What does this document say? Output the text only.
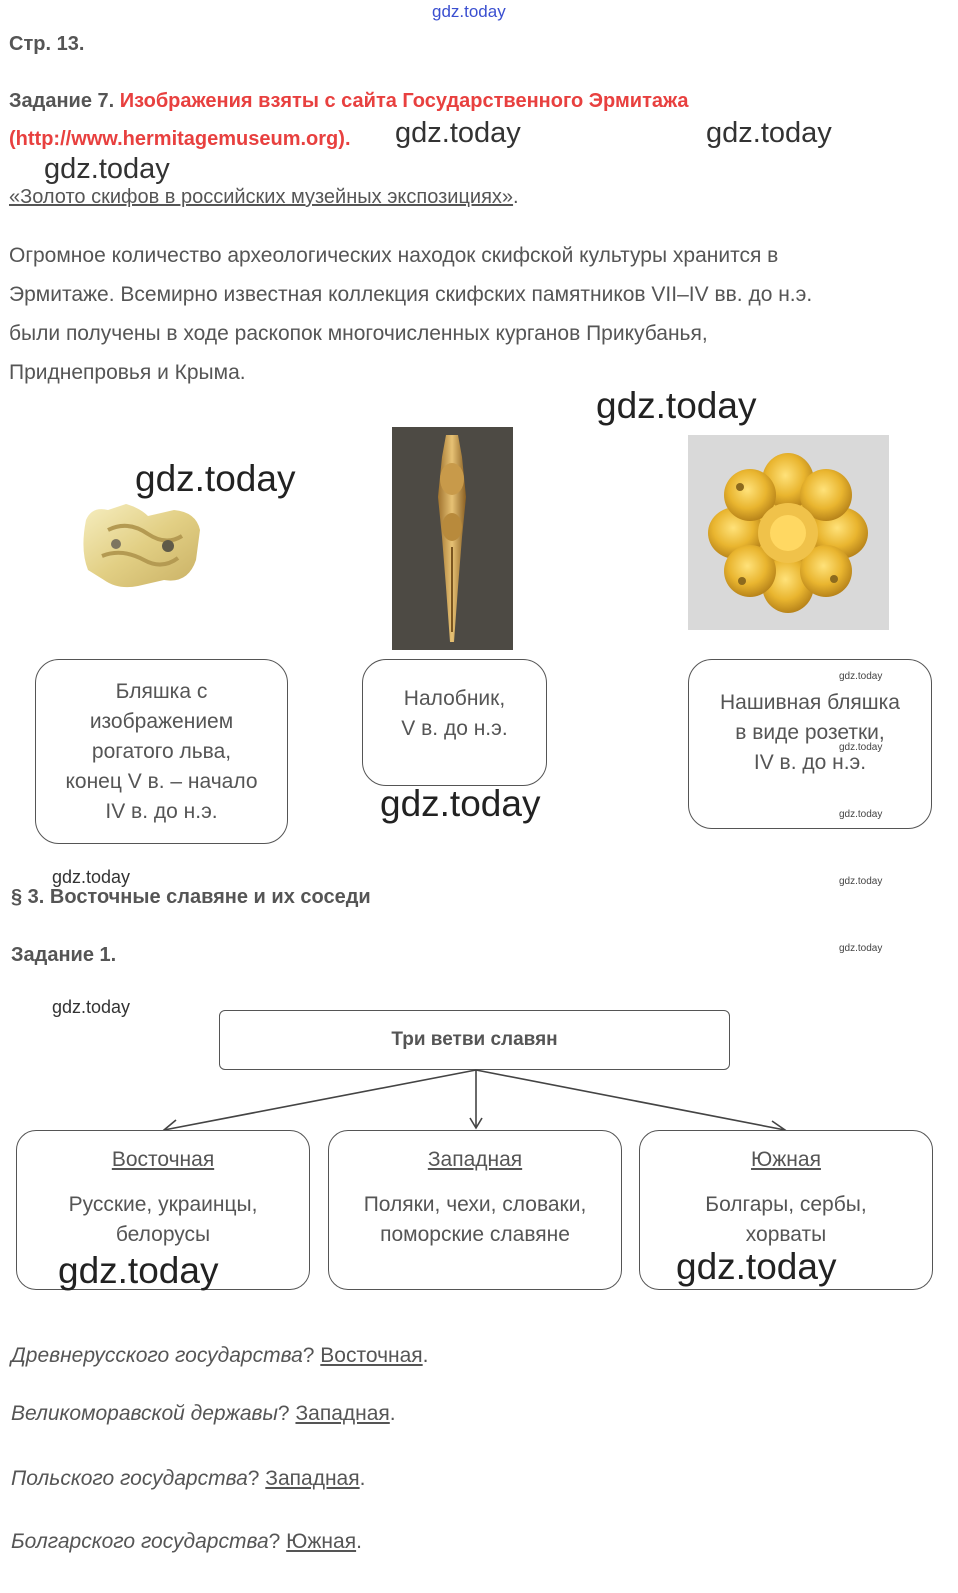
gdz.today
Стр. 13.
Задание 7. Изображения взяты с сайта Государственного Эрмитажа
(http://www.hermitagemuseum.org).
«Золото скифов в российских музейных экспозициях».
gdz.today	gdz.today
gdz.today
Огромное количество археологических находок скифской культуры хранится в
Эрмитаже. Всемирно известная коллекция скифских памятников VII–IV вв. до н.э.
были получены в ходе раскопок многочисленных курганов Прикубанья,
Приднепровья и Крыма.
gdz.today
gdz.today
Бляшка с
изображением
рогатого льва,
конец V в. – начало
IV в. до н.э.
Налобник,
V в. до н.э.
Нашивная бляшка
в виде розетки,
IV в. до н.э.
gdz.today
gdz.today
gdz.today
gdz.today
gdz.today
§ 3. Восточные славяне и их соседи
gdz.today
Задание 1.	gdz.today
gdz.today
Три ветви славян
Восточная
Русские, украинцы,
белорусы
Западная
Поляки, чехи, словаки,
поморские славяне
Южная
Болгары, сербы,
хорваты
gdz.today	gdz.today
Древнерусского государства? Восточная.
Великоморавской державы? Западная.
Польского государства? Западная.
Болгарского государства? Южная.
